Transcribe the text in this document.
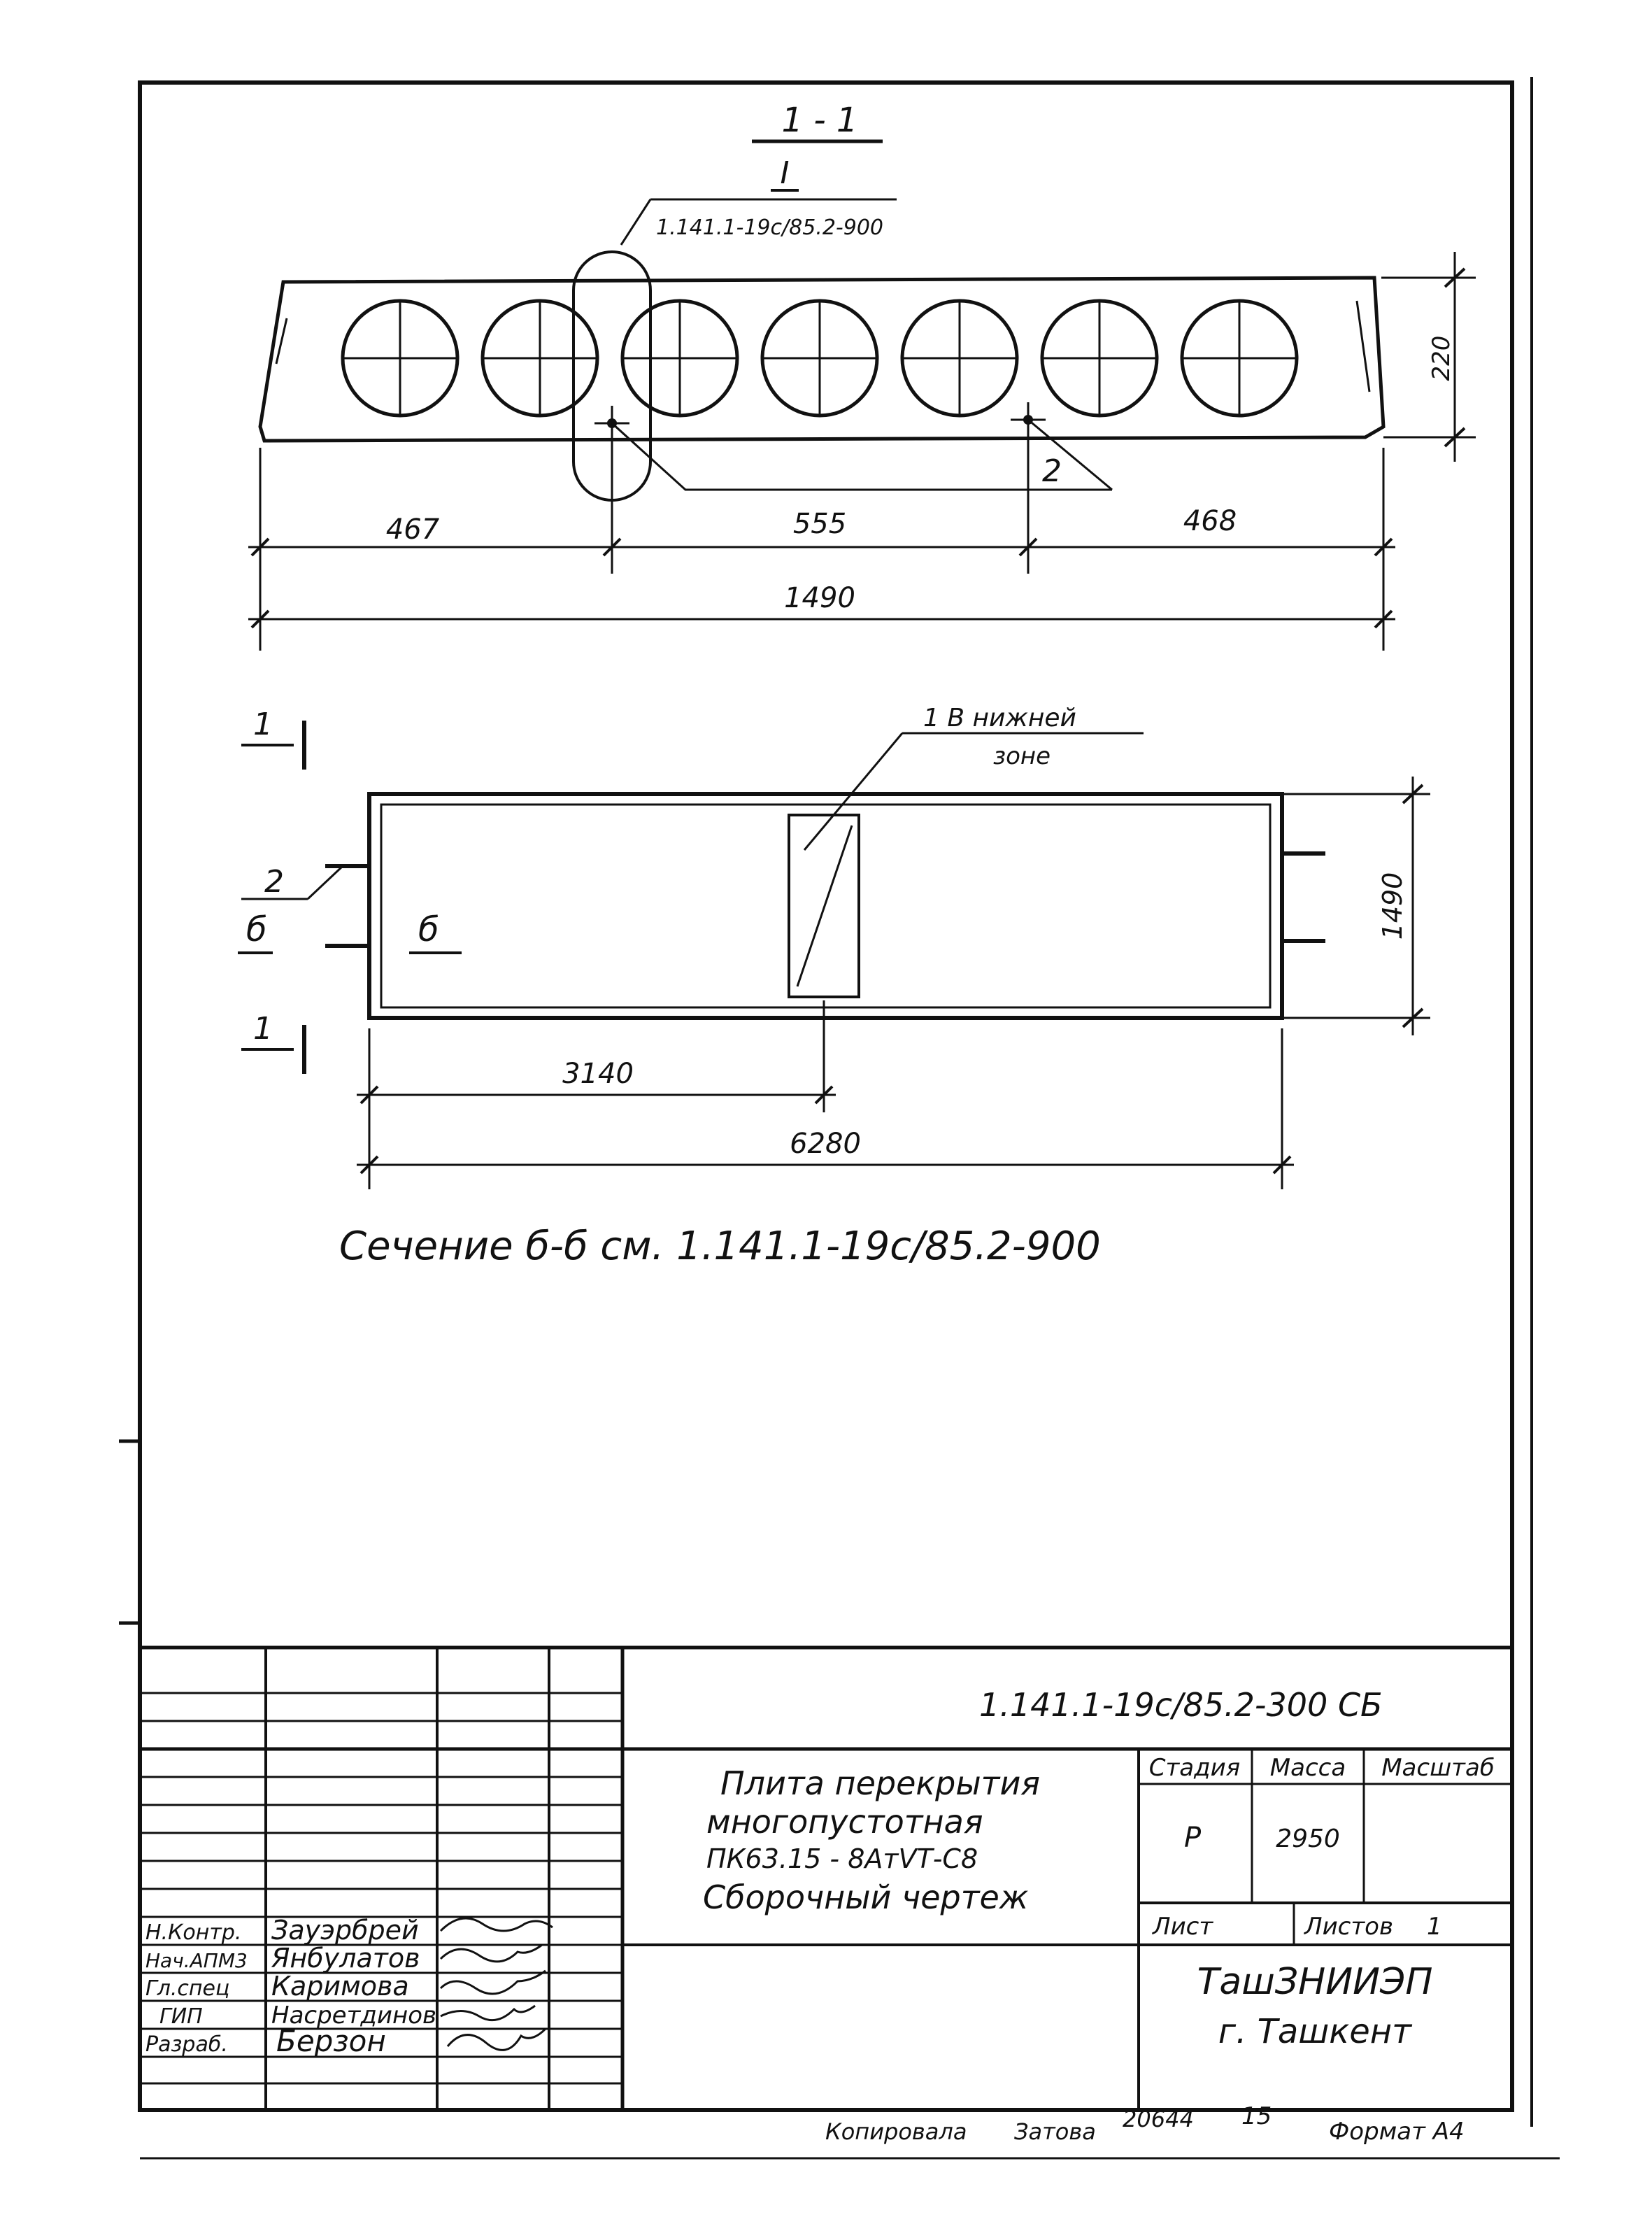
1 - 1
I
1.141.1-19с/85.2-900
2
220
467	555	468
1490
1 В нижней
зоне
2
б	б
1
1
1490
3140
6280
Сечение б-б см. 1.141.1-19с/85.2-900
1.141.1-19с/85.2-300 СБ
Плита перекрытия
многопустотная
ПК63.15 - 8АтVТ-С8
Сборочный чертеж
Стадия Масса Масштаб
Р	2950
Лист	Листов 1
ТашЗНИИЭП
г. Ташкент
Н.Контр. Зауэрбрей
Нач.АПМ3 Янбулатов
Гл.спец Каримова
ГИП	Насретдинов
Разраб. Берзон
Копировала Затова 20644 15
Формат А4
